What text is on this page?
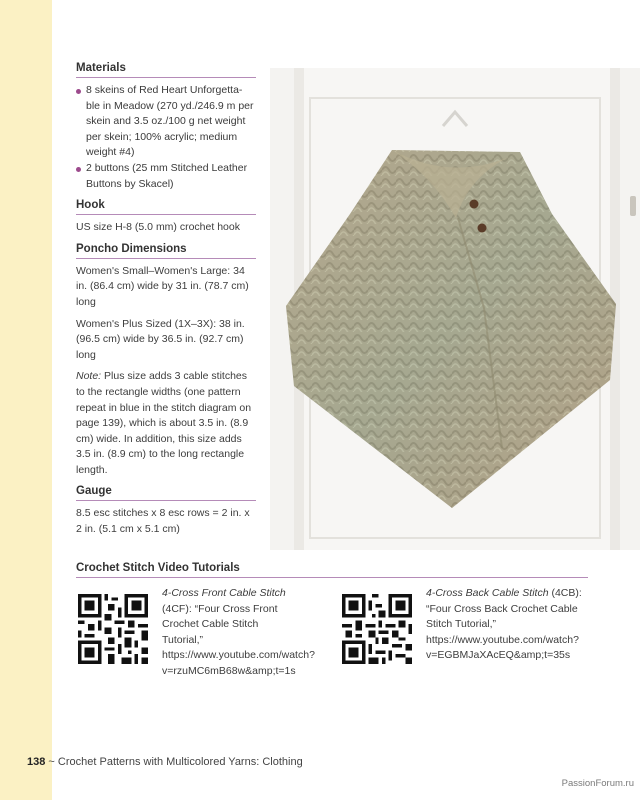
Materials
8 skeins of Red Heart Unforgetta-ble in Meadow (270 yd./246.9 m per skein and 3.5 oz./100 g net weight per skein; 100% acrylic; medium weight #4)
2 buttons (25 mm Stitched Leather Buttons by Skacel)
Hook
US size H-8 (5.0 mm) crochet hook
Poncho Dimensions

Women's Small–Women's Large: 34 in. (86.4 cm) wide by 31 in. (78.7 cm) long

Women's Plus Sized (1X–3X): 38 in. (96.5 cm) wide by 36.5 in. (92.7 cm) long

Note: Plus size adds 3 cable stitches to the rectangle widths (one pattern repeat in blue in the stitch diagram on page 139), which is about 3.5 in. (8.9 cm) wide. In addition, this size adds 3.5 in. (8.9 cm) to the long rectangle length.

Gauge
8.5 esc stitches x 8 esc rows = 2 in. x 2 in. (5.1 cm x 5.1 cm)
Crochet Stitch Video Tutorials
4-Cross Front Cable Stitch (4CF): “Four Cross Front Crochet Cable Stitch Tutorial,” https://www.youtube.com/watch?v=rzuMC6mB68w&amp;t=1s
4-Cross Back Cable Stitch (4CB): “Four Cross Back Crochet Cable Stitch Tutorial,” https://www.youtube.com/watch?v=EGBMJaXAcEQ&amp;t=35s
138 ~ Crochet Patterns with Multicolored Yarns: Clothing
PassionForum.ru
